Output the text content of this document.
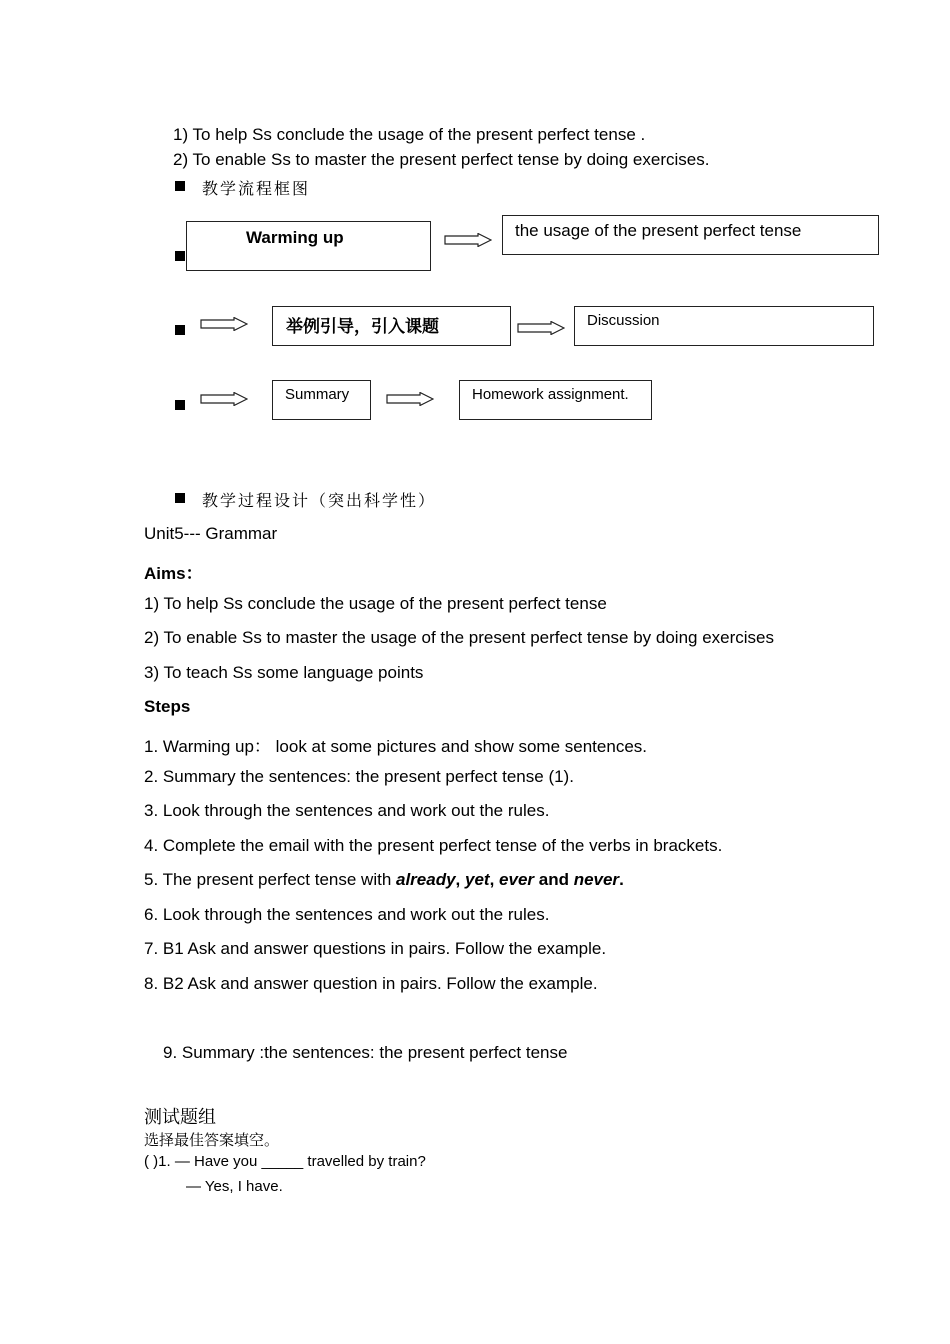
1) To help Ss conclude the usage of the present perfect tense .
2) To enable Ss to master the present perfect tense by doing exercises.
教学流程框图
Warming up	the usage of the present perfect tense
举例引导，引入课题	Discussion
Summary	Homework assignment.
教学过程设计（突出科学性）
Unit5--- Grammar
Aims：
1) To help Ss conclude the usage of the present perfect tense
2) To enable Ss to master the usage of the present perfect tense by doing exercises
3) To teach Ss some language points
Steps
1. Warming up： look at some pictures and show some sentences.
2. Summary the sentences: the present perfect tense (1).
3. Look through the sentences and work out the rules.
4. Complete the email with the present perfect tense of the verbs in brackets.
5. The present perfect tense with already, yet, ever and never.
6. Look through the sentences and work out the rules.
7. B1 Ask and answer questions in pairs. Follow the example.
8. B2 Ask and answer question in pairs. Follow the example.
9. Summary :the sentences: the present perfect tense
测试题组
选择最佳答案填空。
( )1. — Have you _____ travelled by train?
— Yes, I have.
